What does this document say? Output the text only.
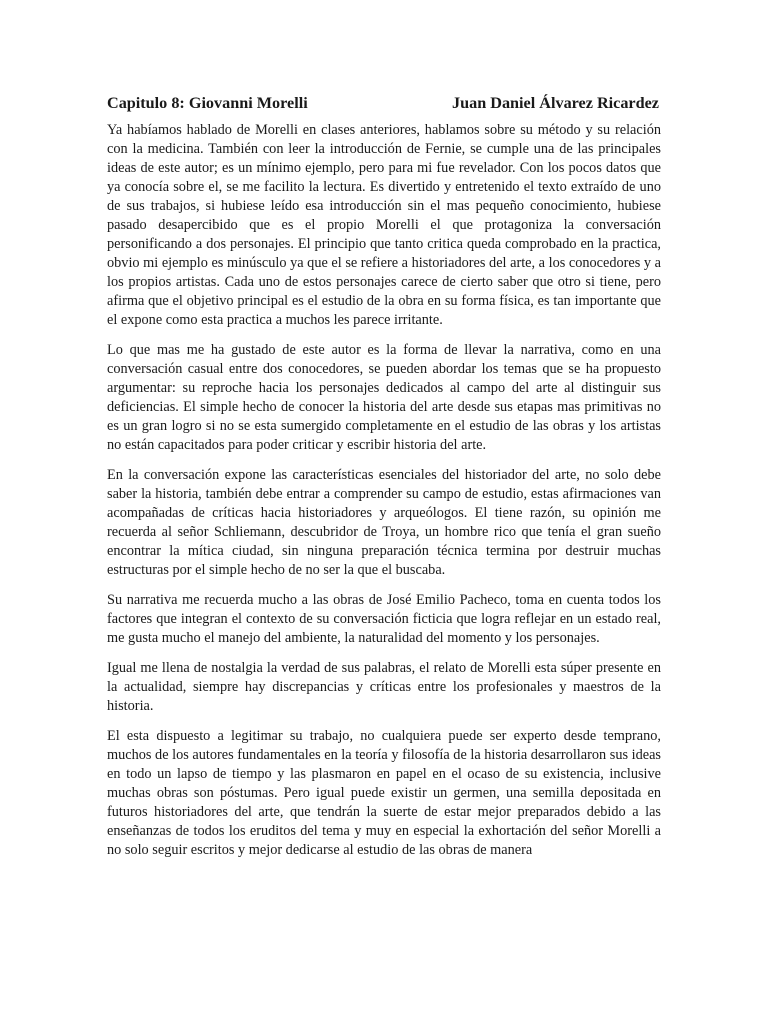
Capitulo 8: Giovanni Morelli	Juan Daniel Álvarez Ricardez

Ya habíamos hablado de Morelli en clases anteriores, hablamos sobre su método y su relación con la medicina. También con leer la introducción de Fernie, se cumple una de las principales ideas de este autor; es un mínimo ejemplo, pero para mi fue revelador. Con los pocos datos que ya conocía sobre el, se me facilito la lectura. Es divertido y entretenido el texto extraído de uno de sus trabajos, si hubiese leído esa introducción sin el mas pequeño conocimiento, hubiese pasado desapercibido que es el propio Morelli el que protagoniza la conversación personificando a dos personajes. El principio que tanto critica queda comprobado en la practica, obvio mi ejemplo es minúsculo ya que el se refiere a historiadores del arte, a los conocedores y a los propios artistas. Cada uno de estos personajes carece de cierto saber que otro si tiene, pero afirma que el objetivo principal es el estudio de la obra en su forma física, es tan importante que el expone como esta practica a muchos les parece irritante.

Lo que mas me ha gustado de este autor es la forma de llevar la narrativa, como en una conversación casual entre dos conocedores, se pueden abordar los temas que se ha propuesto argumentar: su reproche hacia los personajes dedicados al campo del arte al distinguir sus deficiencias. El simple hecho de conocer la historia del arte desde sus etapas mas primitivas no es un gran logro si no se esta sumergido completamente en el estudio de las obras y los artistas no están capacitados para poder criticar y escribir historia del arte.

En la conversación expone las características esenciales del historiador del arte, no solo debe saber la historia, también debe entrar a comprender su campo de estudio, estas afirmaciones van acompañadas de críticas hacia historiadores y arqueólogos. El tiene razón, su opinión me recuerda al señor Schliemann, descubridor de Troya, un hombre rico que tenía el gran sueño encontrar la mítica ciudad, sin ninguna preparación técnica termina por destruir muchas estructuras por el simple hecho de no ser la que el buscaba.

Su narrativa me recuerda mucho a las obras de José Emilio Pacheco, toma en cuenta todos los factores que integran el contexto de su conversación ficticia que logra reflejar en un estado real, me gusta mucho el manejo del ambiente, la naturalidad del momento y los personajes.

Igual me llena de nostalgia la verdad de sus palabras, el relato de Morelli esta súper presente en la actualidad, siempre hay discrepancias y críticas entre los profesionales y maestros de la historia.

El esta dispuesto a legitimar su trabajo, no cualquiera puede ser experto desde temprano, muchos de los autores fundamentales en la teoría y filosofía de la historia desarrollaron sus ideas en todo un lapso de tiempo y las plasmaron en papel en el ocaso de su existencia, inclusive muchas obras son póstumas. Pero igual puede existir un germen, una semilla depositada en futuros historiadores del arte, que tendrán la suerte de estar mejor preparados debido a las enseñanzas de todos los eruditos del tema y muy en especial la exhortación del señor Morelli a no solo seguir escritos y mejor dedicarse al estudio de las obras de manera
